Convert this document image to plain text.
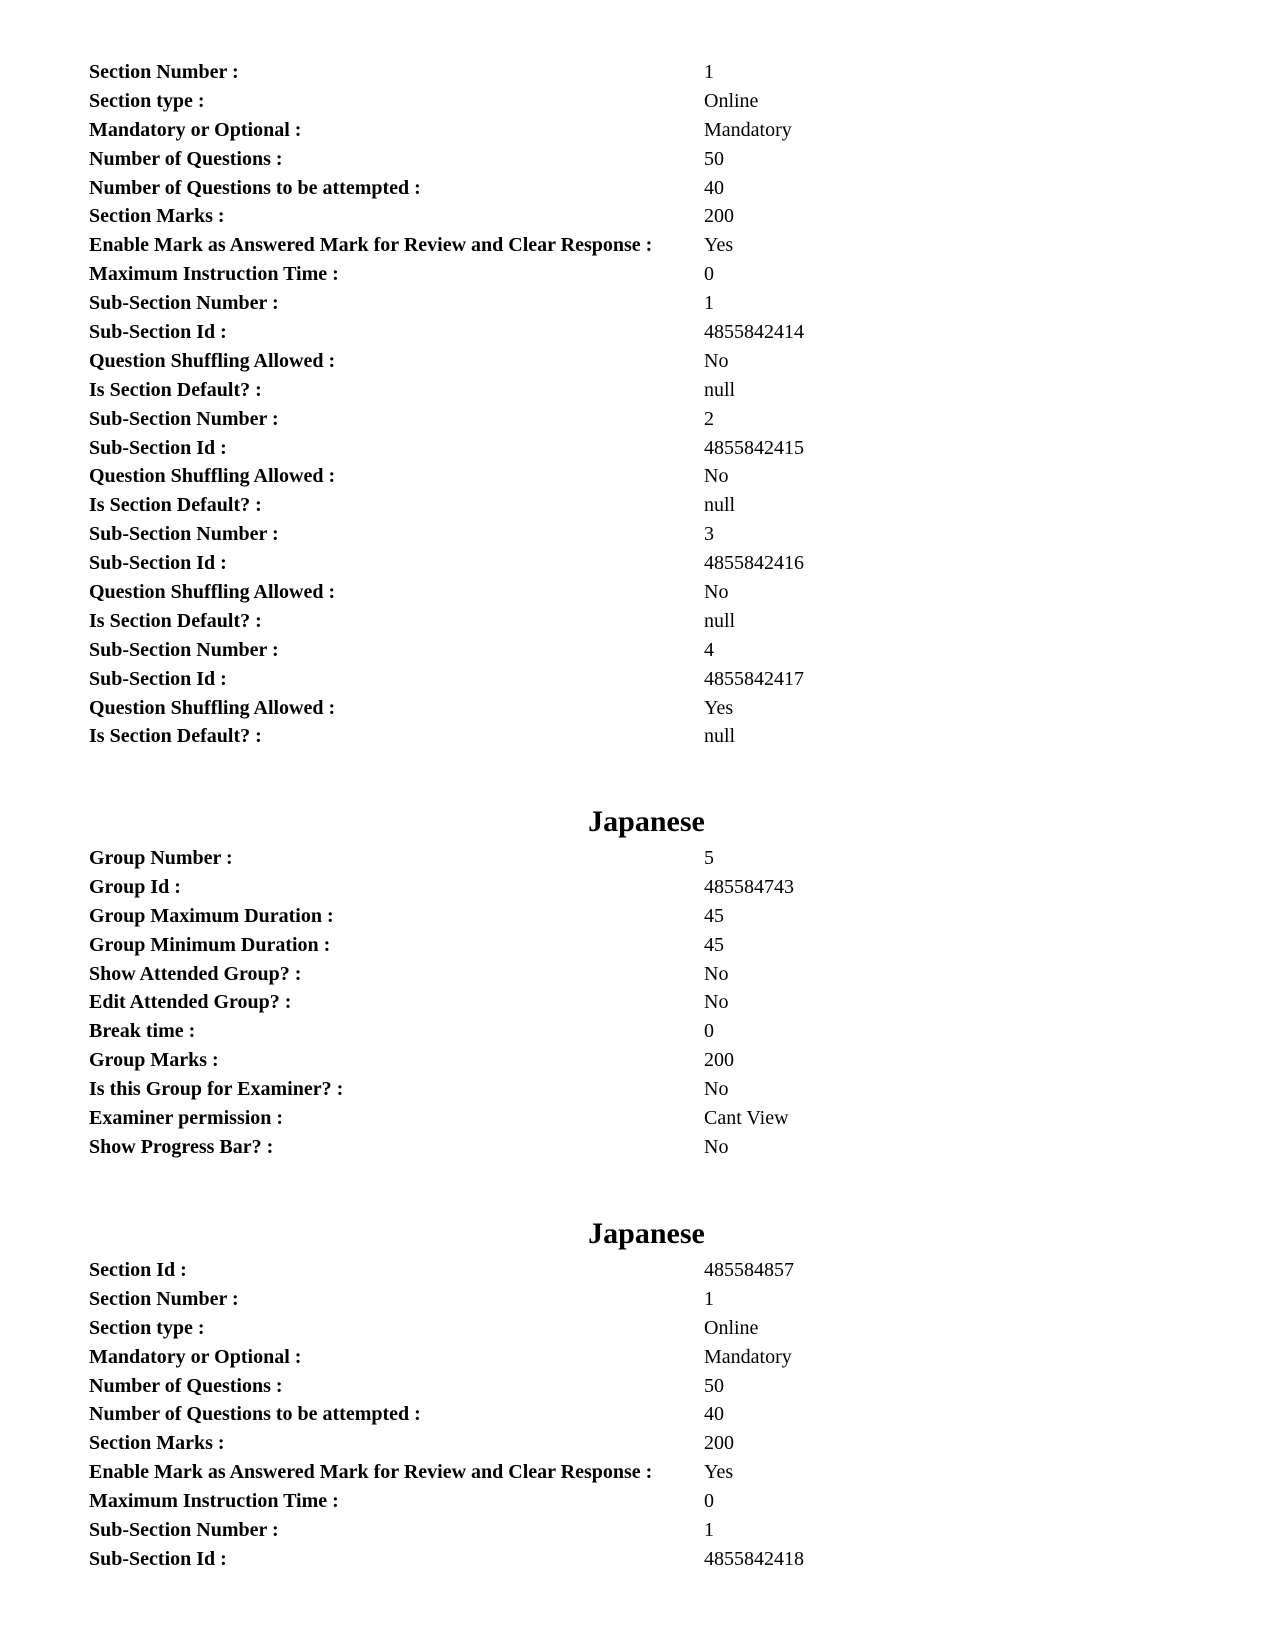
Section Number :	1
Section type :	Online
Mandatory or Optional :	Mandatory
Number of Questions :	50
Number of Questions to be attempted :	40
Section Marks :	200
Enable Mark as Answered Mark for Review and Clear Response :	Yes
Maximum Instruction Time :	0
Sub-Section Number :	1
Sub-Section Id :	4855842414
Question Shuffling Allowed :	No
Is Section Default? :	null
Sub-Section Number :	2
Sub-Section Id :	4855842415
Question Shuffling Allowed :	No
Is Section Default? :	null
Sub-Section Number :	3
Sub-Section Id :	4855842416
Question Shuffling Allowed :	No
Is Section Default? :	null
Sub-Section Number :	4
Sub-Section Id :	4855842417
Question Shuffling Allowed :	Yes
Is Section Default? :	null
Japanese
Group Number :	5
Group Id :	485584743
Group Maximum Duration :	45
Group Minimum Duration :	45
Show Attended Group? :	No
Edit Attended Group? :	No
Break time :	0
Group Marks :	200
Is this Group for Examiner? :	No
Examiner permission :	Cant View
Show Progress Bar? :	No
Japanese
Section Id :	485584857
Section Number :	1
Section type :	Online
Mandatory or Optional :	Mandatory
Number of Questions :	50
Number of Questions to be attempted :	40
Section Marks :	200
Enable Mark as Answered Mark for Review and Clear Response :	Yes
Maximum Instruction Time :	0
Sub-Section Number :	1
Sub-Section Id :	4855842418
